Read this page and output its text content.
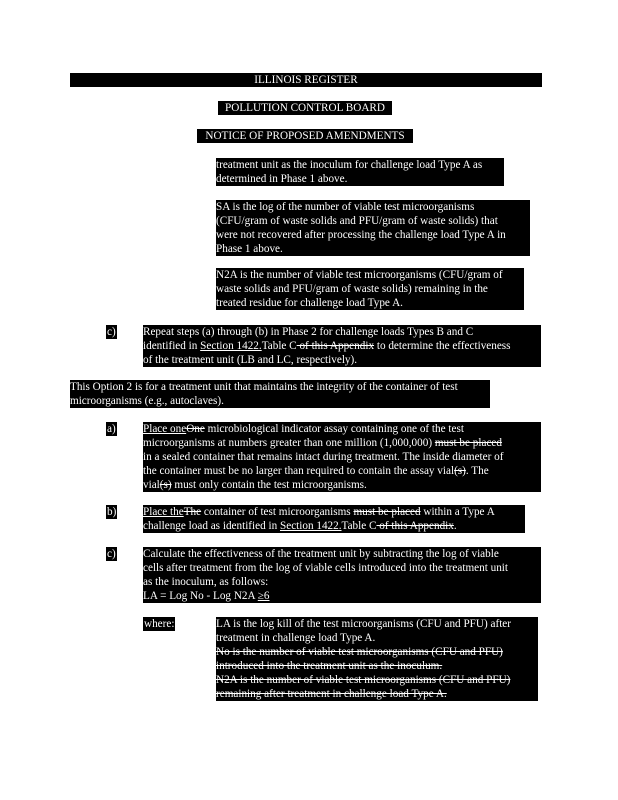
ILLINOIS REGISTER
POLLUTION CONTROL BOARD
NOTICE OF PROPOSED AMENDMENTS
treatment unit as the inoculum for challenge load Type A as
determined in Phase 1 above.
SA is the log of the number of viable test microorganisms
(CFU/gram of waste solids and PFU/gram of waste solids) that
were not recovered after processing the challenge load Type A in
Phase 1 above.
N2A is the number of viable test microorganisms (CFU/gram of
waste solids and PFU/gram of waste solids) remaining in the
treated residue for challenge load Type A.
c) Repeat steps (a) through (b) in Phase 2 for challenge loads Types B and C
identified in Section 1422.Table C of this Appendix to determine the effectiveness
of the treatment unit (LB and LC, respectively).
This Option 2 is for a treatment unit that maintains the integrity of the container of test
microorganisms (e.g., autoclaves).
a) Place oneOne microbiological indicator assay containing one of the test
microorganisms at numbers greater than one million (1,000,000) must be placed
in a sealed container that remains intact during treatment. The inside diameter of
the container must be no larger than required to contain the assay vial(s). The
vial(s) must only contain the test microorganisms.
b) Place theThe container of test microorganisms must be placed within a Type A
challenge load as identified in Section 1422.Table C of this Appendix.
c) Calculate the effectiveness of the treatment unit by subtracting the log of viable
cells after treatment from the log of viable cells introduced into the treatment unit
as the inoculum, as follows:
LA = Log No - Log N2A ≥6
where:	LA is the log kill of the test microorganisms (CFU and PFU) after
treatment in challenge load Type A.
No is the number of viable test microorganisms (CFU and PFU)
introduced into the treatment unit as the inoculum.
N2A is the number of viable test microorganisms (CFU and PFU)
remaining after treatment in challenge load Type A.
